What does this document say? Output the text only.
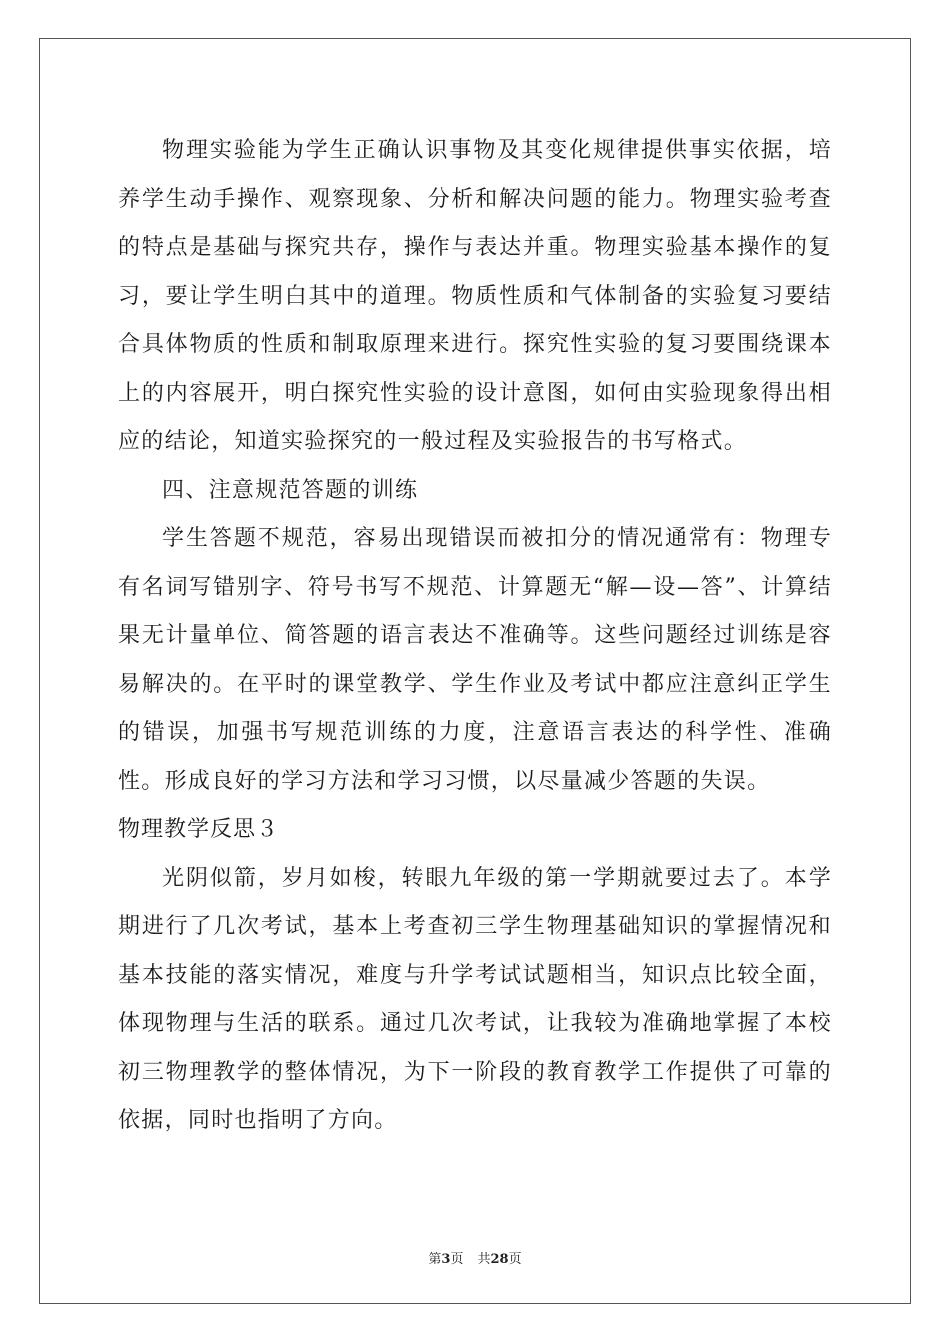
物理实验能为学生正确认识事物及其变化规律提供事实依据，培养学生动手操作、观察现象、分析和解决问题的能力。物理实验考查的特点是基础与探究共存，操作与表达并重。物理实验基本操作的复习，要让学生明白其中的道理。物质性质和气体制备的实验复习要结合具体物质的性质和制取原理来进行。探究性实验的复习要围绕课本上的内容展开，明白探究性实验的设计意图，如何由实验现象得出相应的结论，知道实验探究的一般过程及实验报告的书写格式。

四、注意规范答题的训练

学生答题不规范，容易出现错误而被扣分的情况通常有：物理专有名词写错别字、符号书写不规范、计算题无“解—设—答”、计算结果无计量单位、简答题的语言表达不准确等。这些问题经过训练是容易解决的。在平时的课堂教学、学生作业及考试中都应注意纠正学生的错误，加强书写规范训练的力度，注意语言表达的科学性、准确性。形成良好的学习方法和学习习惯，以尽量减少答题的失误。

物理教学反思３

光阴似箭，岁月如梭，转眼九年级的第一学期就要过去了。本学期进行了几次考试，基本上考查初三学生物理基础知识的掌握情况和基本技能的落实情况，难度与升学考试试题相当，知识点比较全面，体现物理与生活的联系。通过几次考试，让我较为准确地掌握了本校初三物理教学的整体情况，为下一阶段的教育教学工作提供了可靠的依据，同时也指明了方向。

第3页 共28页
